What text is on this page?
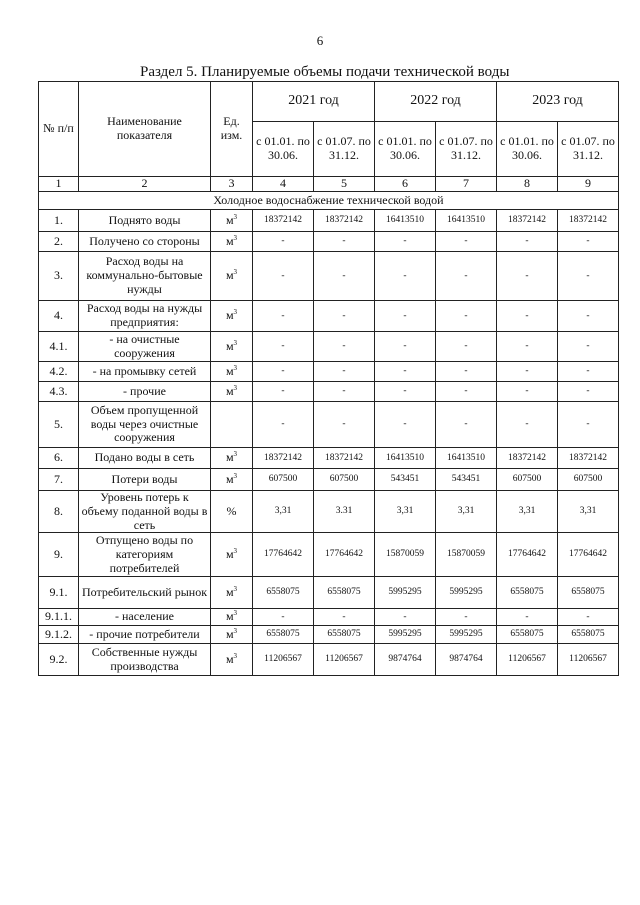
6
Раздел 5. Планируемые объемы подачи технической воды
№ п/п	Наименование показателя	Ед. изм.	2021 год		2022 год		2023 год	
			с 01.01. по 30.06.	с 01.07. по 31.12.	с 01.01. по 30.06.	с 01.07. по 31.12.	с 01.01. по 30.06.	с 01.07. по 31.12.
1	2	3	4	5	6	7	8	9
Холодное водоснабжение технической водой								
1.	Поднято воды	$м^3$	18372142	18372142	16413510	16413510	18372142	18372142
2.	Получено со стороны	$м^3$	-	-	-	-	-	-
3.	Расход воды на коммунально-бытовые нужды	$м^3$	-	-	-	-	-	-
4.	Расход воды на нужды предприятия:	$м^3$	-	-	-	-	-	-
4.1.	- на очистные сооружения	$м^3$	-	-	-	-	-	-
4.2.	- на промывку сетей	$м^3$	-	-	-	-	-	-
4.3.	- прочие	$м^3$	-	-	-	-	-	-
5.	Объем пропущенной воды через очистные сооружения		-	-	-	-	-	-
6.	Подано воды в сеть	$м^3$	18372142	18372142	16413510	16413510	18372142	18372142
7.	Потери воды	$м^3$	607500	607500	543451	543451	607500	607500
8.	Уровень потерь к объему поданной воды в сеть	%	3,31	3.31	3,31	3,31	3,31	3,31
9.	Отпущено воды по категориям потребителей	$м^3$	17764642	17764642	15870059	15870059	17764642	17764642
9.1.	Потребительский рынок	$м^3$	6558075	6558075	5995295	5995295	6558075	6558075
9.1.1.	- население	$м^3$	-	-	-	-	-	-
9.1.2.	- прочие потребители	$м^3$	6558075	6558075	5995295	5995295	6558075	6558075
9.2.	Собственные нужды производства	$м^3$	11206567	11206567	9874764	9874764	11206567	11206567
